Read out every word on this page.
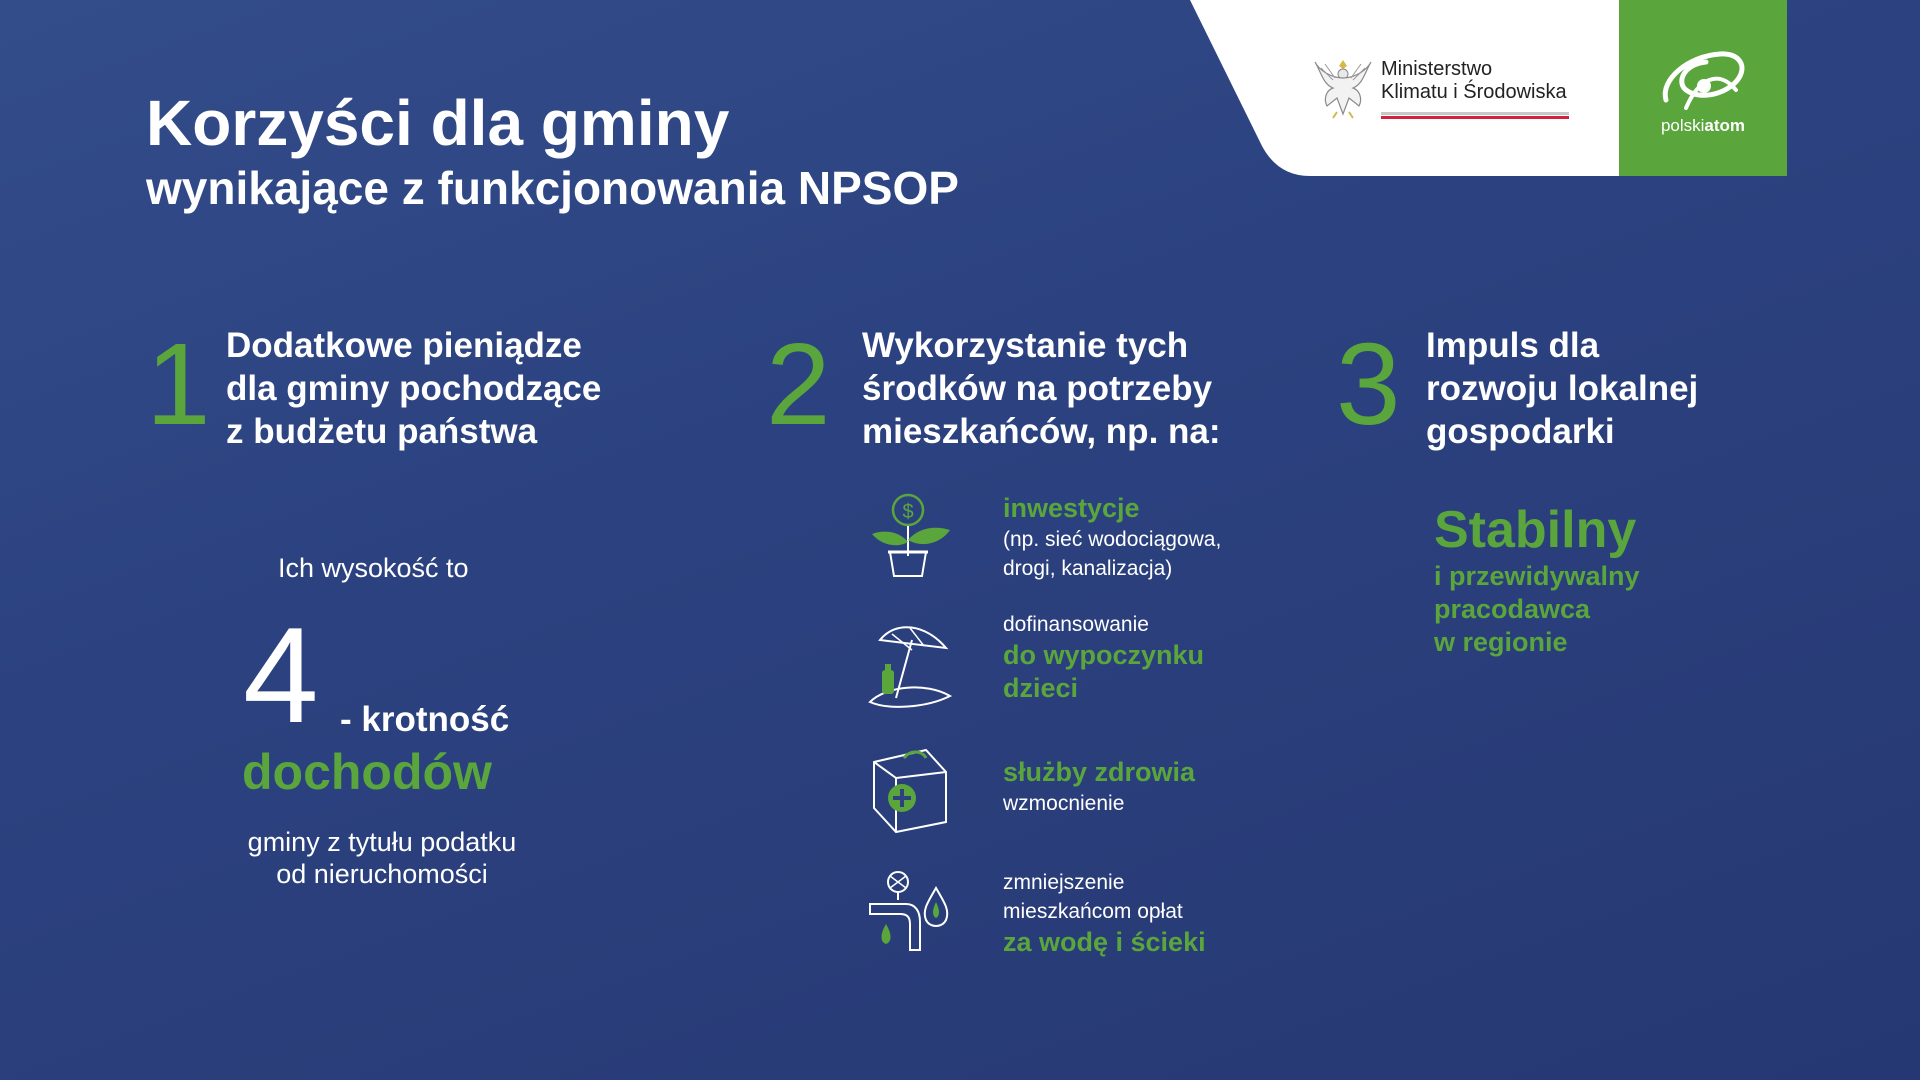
Ministerstwo
Klimatu i Środowiska
polskiatom
Korzyści dla gminy
wynikające z funkcjonowania NPSOP
1 Dodatkowe pieniądze
dla gminy pochodzące
z budżetu państwa
Ich wysokość to
4 - krotność
dochodów
gminy z tytułu podatku
od nieruchomości
2 Wykorzystanie tych
środków na potrzeby
mieszkańców, np. na:
$	inwestycje
(np. sieć wodociągowa,
drogi, kanalizacja)
dofinansowanie
do wypoczynku
dzieci
służby zdrowia
wzmocnienie
zmniejszenie
mieszkańcom opłat
za wodę i ścieki
3 Impuls dla
rozwoju lokalnej
gospodarki
Stabilny
i przewidywalny
pracodawca
w regionie
